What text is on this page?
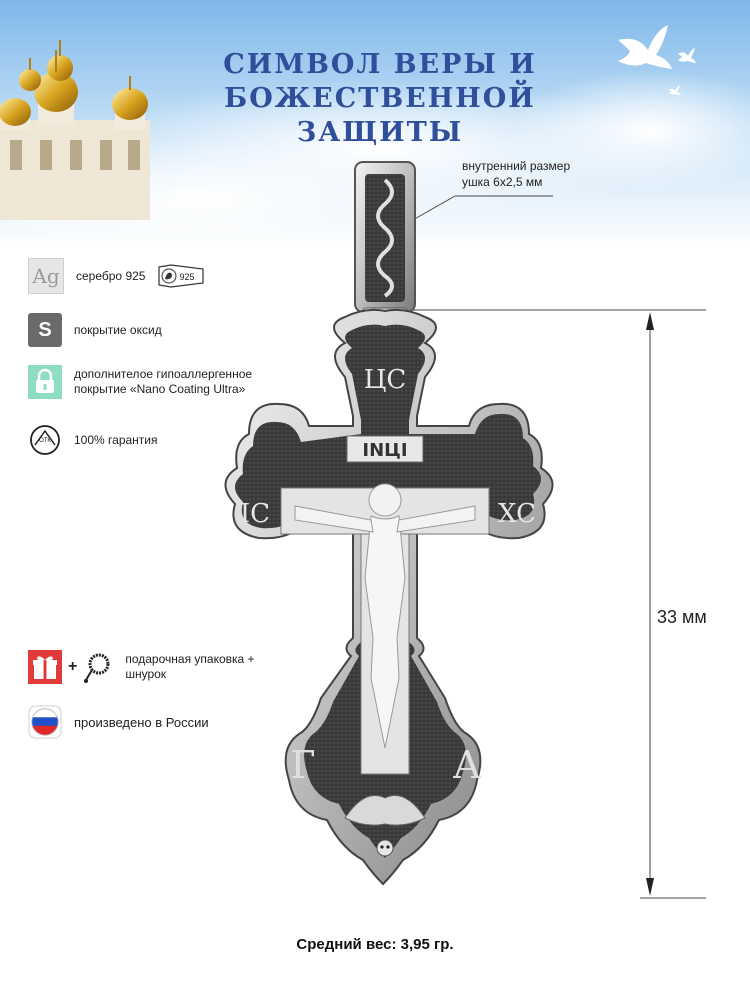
СИМВОЛ ВЕРЫ И
БОЖЕСТВЕННОЙ ЗАЩИТЫ
Ag	серебро 925	925
S	покрытие оксид
дополнителое гипоаллергенное покрытие «Nano Coating Ultra»
ОТК 100% гарантия
+	подарочная упаковка + шнурок
произведено в России
внутренний размер
ушка 6х2,5 мм
33 мм
ЦС
INЦI
IC	XC
Г	А
Средний вес: 3,95 гр.
